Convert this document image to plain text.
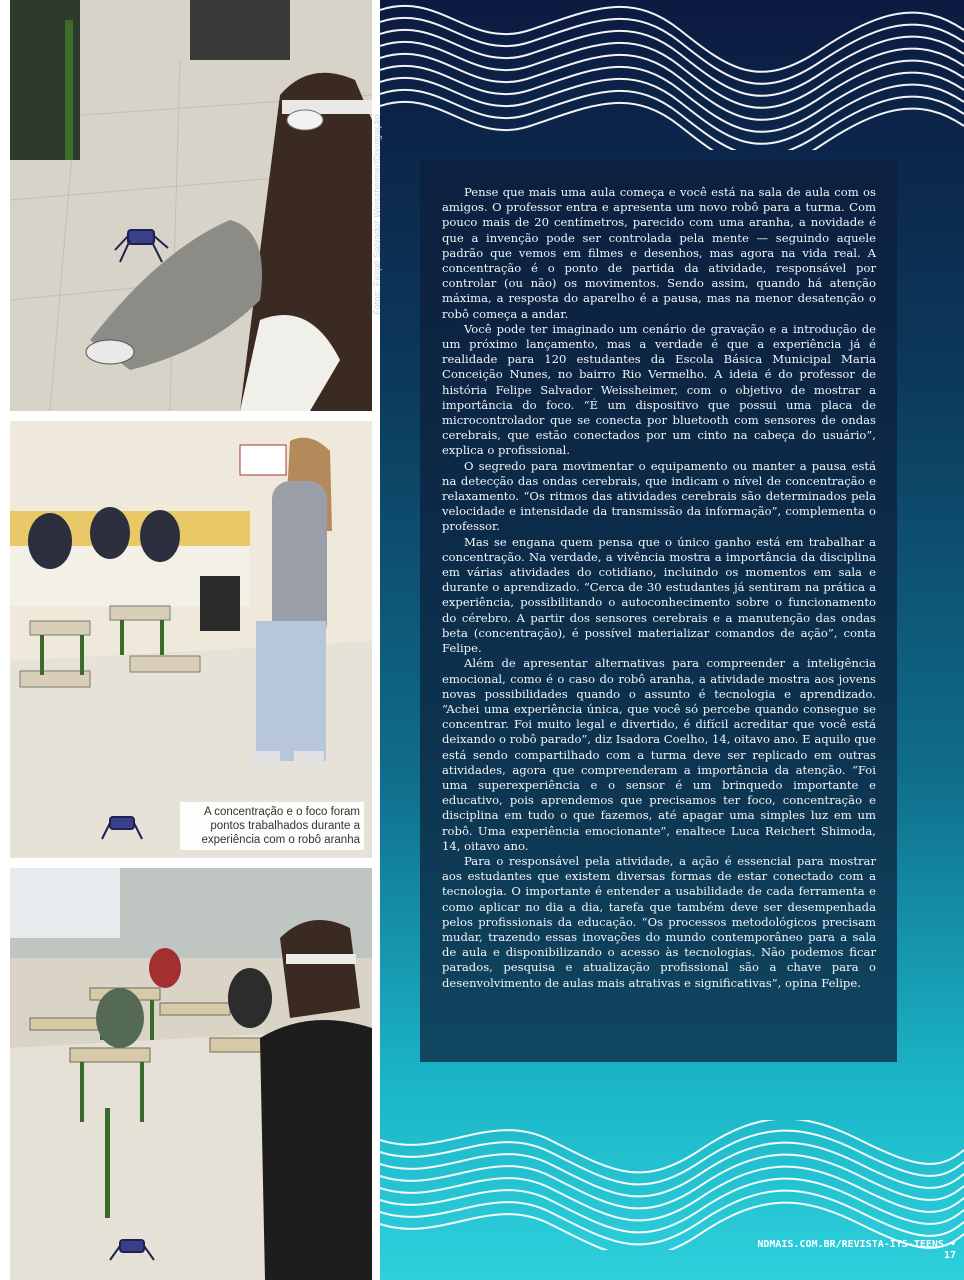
A concentração e o foco foram pontos trabalhados durante a experiência com o robô aranha
Fotos: Felipe Salvador Weissheimer/Divulgação	Pense que mais uma aula começa e você está na sala de aula com os amigos. O professor entra e apresenta um novo robô para a turma. Com pouco mais de 20 centímetros, parecido com uma aranha, a novidade é que a invenção pode ser controlada pela mente — seguindo aquele padrão que vemos em filmes e desenhos, mas agora na vida real. A concentração é o ponto de partida da atividade, responsável por controlar (ou não) os movimentos. Sendo assim, quando há atenção máxima, a resposta do aparelho é a pausa, mas na menor desatenção o robô começa a andar.

Você pode ter imaginado um cenário de gravação e a introdução de um próximo lançamento, mas a verdade é que a experiência já é realidade para 120 estudantes da Escola Básica Municipal Maria Conceição Nunes, no bairro Rio Vermelho. A ideia é do professor de história Felipe Salvador Weissheimer, com o objetivo de mostrar a importância do foco. “É um dispositivo que possui uma placa de microcontrolador que se conecta por bluetooth com sensores de ondas cerebrais, que estão conectados por um cinto na cabeça do usuário”, explica o profissional.

O segredo para movimentar o equipamento ou manter a pausa está na detecção das ondas cerebrais, que indicam o nível de concentração e relaxamento. “Os ritmos das atividades cerebrais são determinados pela velocidade e intensidade da transmissão da informação”, complementa o professor.

Mas se engana quem pensa que o único ganho está em trabalhar a concentração. Na verdade, a vivência mostra a importância da disciplina em várias atividades do cotidiano, incluindo os momentos em sala e durante o aprendizado. “Cerca de 30 estudantes já sentiram na prática a experiência, possibilitando o autoconhecimento sobre o funcionamento do cérebro. A partir dos sensores cerebrais e a manutenção das ondas beta (concentração), é possível materializar comandos de ação”, conta Felipe.

Além de apresentar alternativas para compreender a inteligência emocional, como é o caso do robô aranha, a atividade mostra aos jovens novas possibilidades quando o assunto é tecnologia e aprendizado. “Achei uma experiência única, que você só percebe quando consegue se concentrar. Foi muito legal e divertido, é difícil acreditar que você está deixando o robô parado”, diz Isadora Coelho, 14, oitavo ano. E aquilo que está sendo compartilhado com a turma deve ser replicado em outras atividades, agora que compreenderam a importância da atenção. “Foi uma superexperiência e o sensor é um brinquedo importante e educativo, pois aprendemos que precisamos ter foco, concentração e disciplina em tudo o que fazemos, até apagar uma simples luz em um robô. Uma experiência emocionante”, enaltece Luca Reichert Shimoda, 14, oitavo ano.

Para o responsável pela atividade, a ação é essencial para mostrar aos estudantes que existem diversas formas de estar conectado com a tecnologia. O importante é entender a usabilidade de cada ferramenta e como aplicar no dia a dia, tarefa que também deve ser desempenhada pelos profissionais da educação. “Os processos metodológicos precisam mudar, trazendo essas inovações do mundo contemporâneo para a sala de aula e disponibilizando o acesso às tecnologias. Não podemos ficar parados, pesquisa e atualização profissional são a chave para o desenvolvimento de aulas mais atrativas e significativas”, opina Felipe.

NDMAIS.COM.BR/REVISTA-ITS-TEENS • 17
